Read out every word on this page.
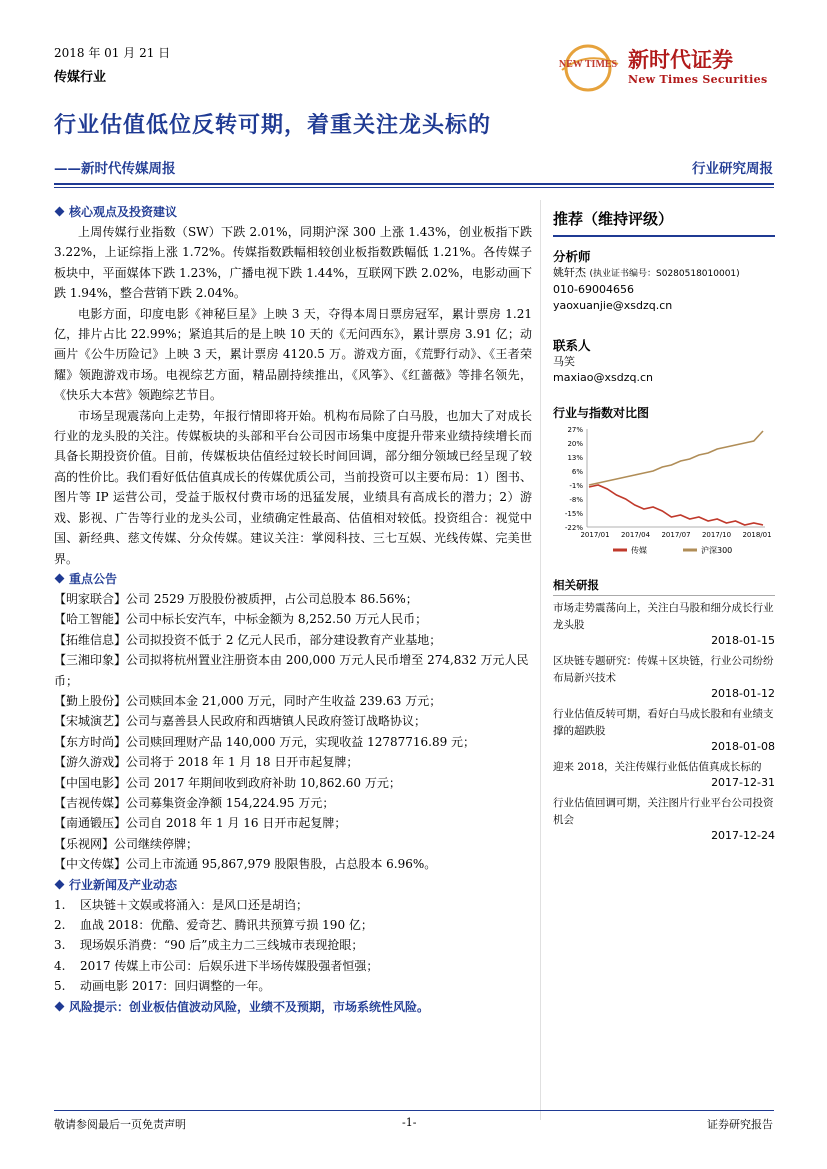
2018 年 01 月 21 日
传媒行业
NEW TIMES 新时代证券
New Times Securities
行业估值低位反转可期，着重关注龙头标的
——新时代传媒周报	行业研究周报
核心观点及投资建议
上周传媒行业指数（SW）下跌 2.01%，同期沪深 300 上涨 1.43%，创业板指下跌 3.22%，上证综指上涨 1.72%。传媒指数跌幅相较创业板指数跌幅低 1.21%。各传媒子板块中，平面媒体下跌 1.23%，广播电视下跌 1.44%，互联网下跌 2.02%，电影动画下跌 1.94%，整合营销下跌 2.04%。
电影方面，印度电影《神秘巨星》上映 3 天，夺得本周日票房冠军，累计票房 1.21 亿，排片占比 22.99%；紧追其后的是上映 10 天的《无问西东》，累计票房 3.91 亿；动画片《公牛历险记》上映 3 天，累计票房 4120.5 万。游戏方面，《荒野行动》、《王者荣耀》领跑游戏市场。电视综艺方面，精品剧持续推出，《风筝》、《红蔷薇》等排名领先，《快乐大本营》领跑综艺节目。
市场呈现震荡向上走势，年报行情即将开始。机构布局除了白马股，也加大了对成长行业的龙头股的关注。传媒板块的头部和平台公司因市场集中度提升带来业绩持续增长而具备长期投资价值。目前，传媒板块估值经过较长时间回调，部分细分领域已经呈现了较高的性价比。我们看好低估值真成长的传媒优质公司，当前投资可以主要布局：1）图书、图片等 IP 运营公司，受益于版权付费市场的迅猛发展，业绩具有高成长的潜力；2）游戏、影视、广告等行业的龙头公司，业绩确定性最高、估值相对较低。投资组合：视觉中国、新经典、慈文传媒、分众传媒。建议关注：掌阅科技、三七互娱、光线传媒、完美世界。
重点公告
【明家联合】公司 2529 万股股份被质押，占公司总股本 86.56%；
【哈工智能】公司中标长安汽车，中标金额为 8,252.50 万元人民币；
【拓维信息】公司拟投资不低于 2 亿元人民币，部分建设教育产业基地；
【三湘印象】公司拟将杭州置业注册资本由 200,000 万元人民币增至 274,832 万元人民币；
【勤上股份】公司赎回本金 21,000 万元，同时产生收益 239.63 万元；
【宋城演艺】公司与嘉善县人民政府和西塘镇人民政府签订战略协议；
【东方时尚】公司赎回理财产品 140,000 万元，实现收益 12787716.89 元；
【游久游戏】公司将于 2018 年 1 月 18 日开市起复牌；
【中国电影】公司 2017 年期间收到政府补助 10,862.60 万元；
【吉视传媒】公司募集资金净额 154,224.95 万元；
【南通锻压】公司自 2018 年 1 月 16 日开市起复牌；
【乐视网】公司继续停牌；
【中文传媒】公司上市流通 95,867,979 股限售股，占总股本 6.96%。
行业新闻及产业动态
1. 区块链＋文娱或将涌入：是风口还是胡诌；
2. 血战 2018：优酷、爱奇艺、腾讯共预算亏损 190 亿；
3. 现场娱乐消费：“90 后”成主力二三线城市表现抢眼；
4. 2017 传媒上市公司：后娱乐进下半场传媒股强者恒强；
5. 动画电影 2017：回归调整的一年。
风险提示：创业板估值波动风险，业绩不及预期，市场系统性风险。
推荐（维持评级）
分析师
姚轩杰 (执业证书编号：S0280518010001)
010-69004656
yaoxuanjie@xsdzq.cn
联系人
马笑
maxiao@xsdzq.cn
行业与指数对比图
27%
20%
13%
6%
-1%
-8%
-15%
-22%
2017/01 2017/04 2017/07 2017/10 2018/01
传媒	沪深300
相关研报
市场走势震荡向上，关注白马股和细分成长行业龙头股
2018-01-15
区块链专题研究：传媒＋区块链，行业公司纷纷布局新兴技术
2018-01-12
行业估值反转可期，看好白马成长股和有业绩支撑的超跌股
2018-01-08
迎来 2018，关注传媒行业低估值真成长标的
2017-12-31
行业估值回调可期，关注图片行业平台公司投资机会
2017-12-24
敬请参阅最后一页免责声明	-1-	证券研究报告
